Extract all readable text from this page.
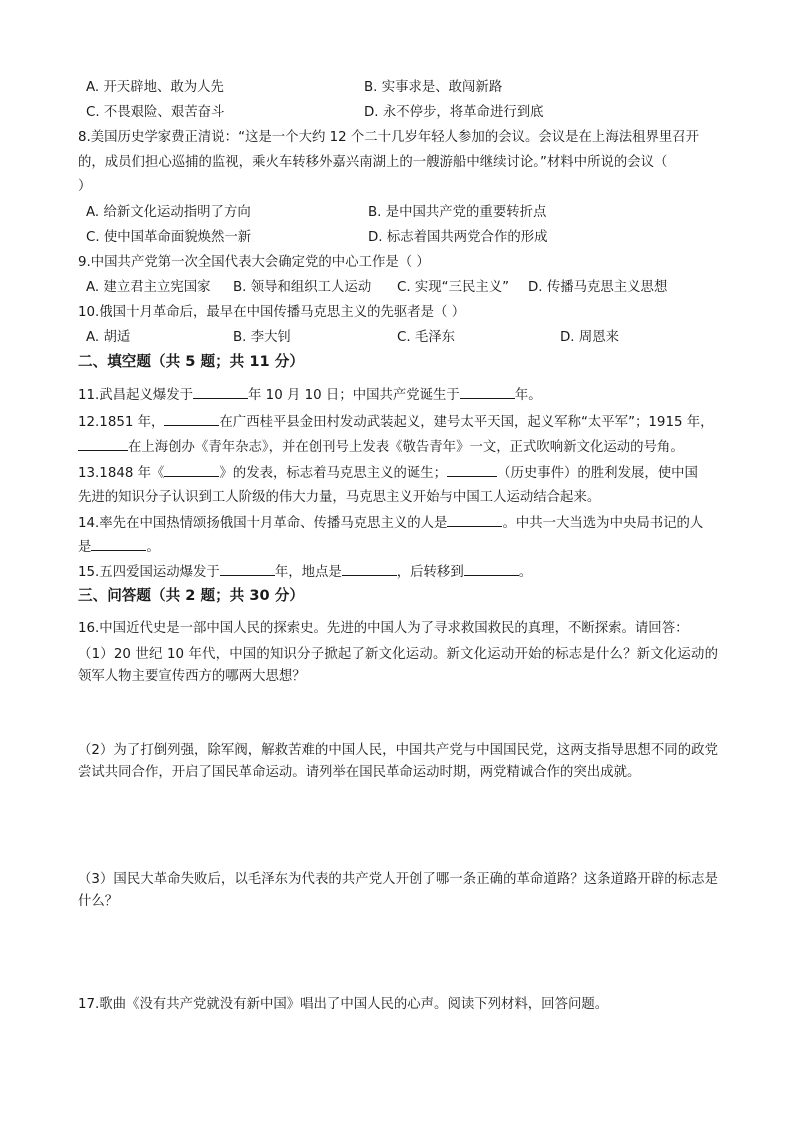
A. 开天辟地、敢为人先	B. 实事求是、敢闯新路
C. 不畏艰险、艰苦奋斗	D. 永不停步，将革命进行到底
8.美国历史学家费正清说：“这是一个大约 12 个二十几岁年轻人参加的会议。会议是在上海法租界里召开
的，成员们担心巡捕的监视，乘火车转移外嘉兴南湖上的一艘游船中继续讨论。”材料中所说的会议（
）
A. 给新文化运动指明了方向	B. 是中国共产党的重要转折点
C. 使中国革命面貌焕然一新	D. 标志着国共两党合作的形成
9.中国共产党第一次全国代表大会确定党的中心工作是（ ）
A. 建立君主立宪国家 B. 领导和组织工人运动 C. 实现“三民主义” D. 传播马克思主义思想
10.俄国十月革命后，最早在中国传播马克思主义的先驱者是（ ）
A. 胡适	B. 李大钊	C. 毛泽东	D. 周恩来
二、填空题（共 5 题；共 11 分）
11.武昌起义爆发于	年 10 月 10 日；中国共产党诞生于	年。
12.1851 年，	在广西桂平县金田村发动武装起义，建号太平天国，起义军称“太平军”；1915 年，
在上海创办《青年杂志》，并在创刊号上发表《敬告青年》一文，正式吹响新文化运动的号角。
13.1848 年《	》的发表，标志着马克思主义的诞生；	（历史事件）的胜利发展，使中国
先进的知识分子认识到工人阶级的伟大力量，马克思主义开始与中国工人运动结合起来。
14.率先在中国热情颂扬俄国十月革命、传播马克思主义的人是	。中共一大当选为中央局书记的人
是	。
15.五四爱国运动爆发于	年，地点是	，后转移到	。
三、问答题（共 2 题；共 30 分）
16.中国近代史是一部中国人民的探索史。先进的中国人为了寻求救国救民的真理，不断探索。请回答：
（1）20 世纪 10 年代，中国的知识分子掀起了新文化运动。新文化运动开始的标志是什么？新文化运动的领军人物主要宣传西方的哪两大思想？
（2）为了打倒列强，除军阀，解救苦难的中国人民，中国共产党与中国国民党，这两支指导思想不同的政党尝试共同合作，开启了国民革命运动。请列举在国民革命运动时期，两党精诚合作的突出成就。
（3）国民大革命失败后，以毛泽东为代表的共产党人开创了哪一条正确的革命道路？这条道路开辟的标志是什么？
17.歌曲《没有共产党就没有新中国》唱出了中国人民的心声。阅读下列材料，回答问题。
